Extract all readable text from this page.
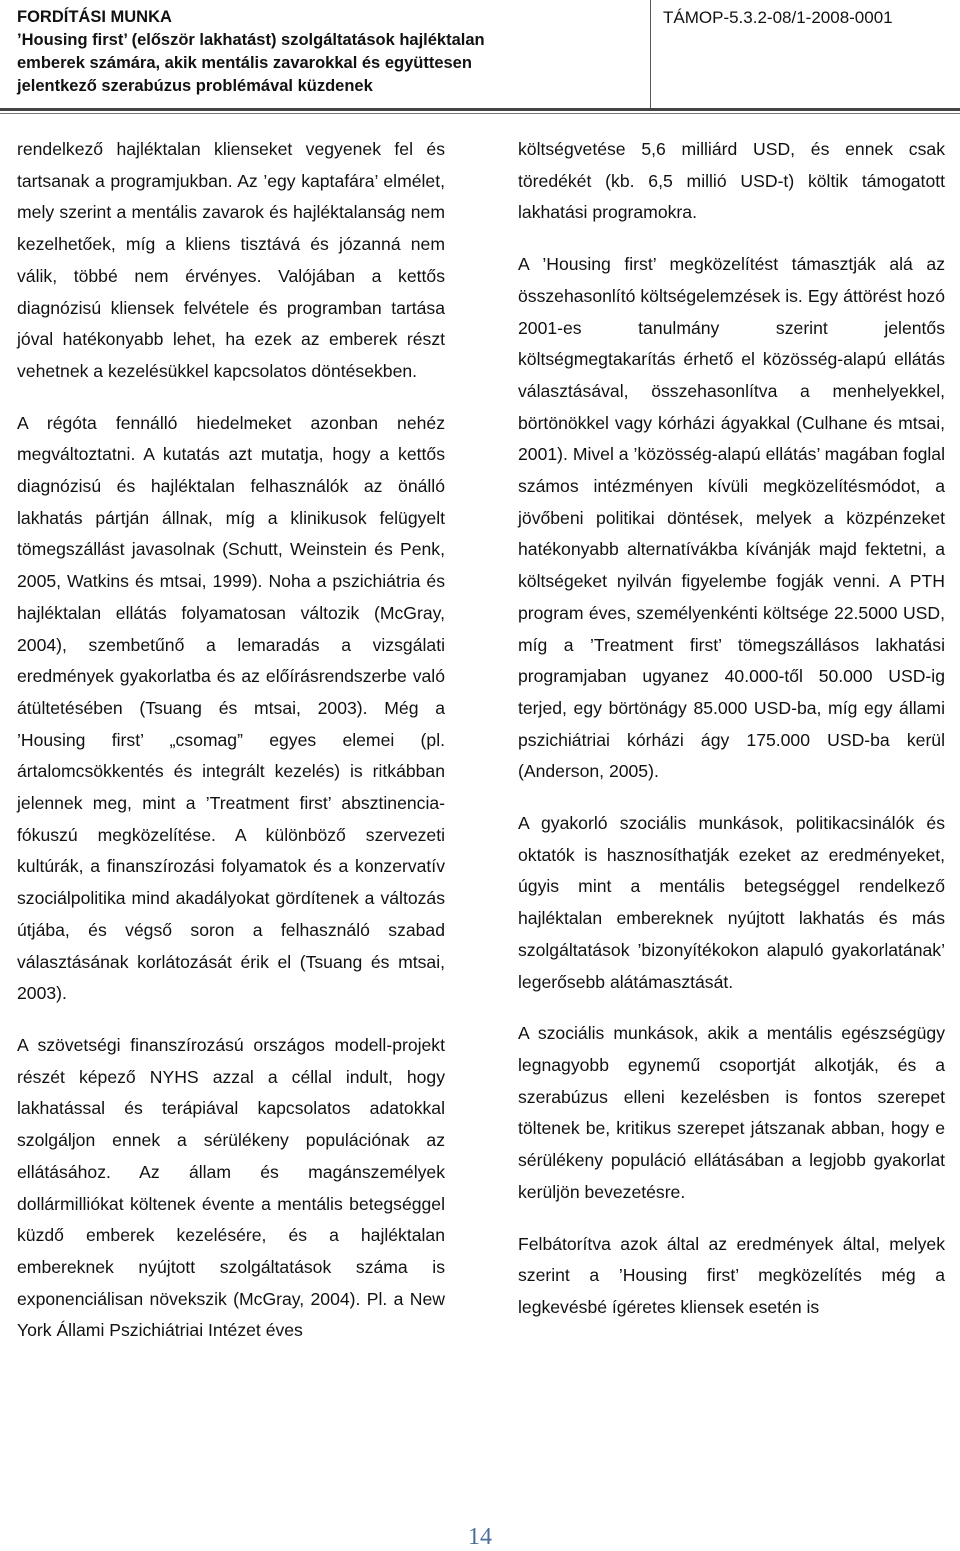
FORDÍTÁSI MUNKA
’Housing first’ (először lakhatást) szolgáltatások hajléktalan
emberek számára, akik mentális zavarokkal és együttesen
jelentkező szerabúzus problémával küzdenek
TÁMOP-5.3.2-08/1-2008-0001

rendelkező hajléktalan klienseket vegyenek fel és tartsanak a programjukban. Az ’egy kaptafára’ elmélet, mely szerint a mentális zavarok és hajléktalanság nem kezelhetőek, míg a kliens tisztává és józanná nem válik, többé nem érvényes. Valójában a kettős diagnózisú kliensek felvétele és programban tartása jóval hatékonyabb lehet, ha ezek az emberek részt vehetnek a kezelésükkel kapcsolatos döntésekben.

A régóta fennálló hiedelmeket azonban nehéz megváltoztatni. A kutatás azt mutatja, hogy a kettős diagnózisú és hajléktalan felhasználók az önálló lakhatás pártján állnak, míg a klinikusok felügyelt tömegszállást javasolnak (Schutt, Weinstein és Penk, 2005, Watkins és mtsai, 1999). Noha a pszichiátria és hajléktalan ellátás folyamatosan változik (McGray, 2004), szembetűnő a lemaradás a vizsgálati eredmények gyakorlatba és az előírásrendszerbe való átültetésében (Tsuang és mtsai, 2003). Még a ’Housing first’ „csomag” egyes elemei (pl. ártalomcsökkentés és integrált kezelés) is ritkábban jelennek meg, mint a ’Treatment first’ absztinencia-fókuszú megközelítése. A különböző szervezeti kultúrák, a finanszírozási folyamatok és a konzervatív szociálpolitika mind akadályokat gördítenek a változás útjába, és végső soron a felhasználó szabad választásának korlátozását érik el (Tsuang és mtsai, 2003).

A szövetségi finanszírozású országos modell-projekt részét képező NYHS azzal a céllal indult, hogy lakhatással és terápiával kapcsolatos adatokkal szolgáljon ennek a sérülékeny populációnak az ellátásához. Az állam és magánszemélyek dollármilliókat költenek évente a mentális betegséggel küzdő emberek kezelésére, és a hajléktalan embereknek nyújtott szolgáltatások száma is exponenciálisan növekszik (McGray, 2004). Pl. a New York Állami Pszichiátriai Intézet éves

költségvetése 5,6 milliárd USD, és ennek csak töredékét (kb. 6,5 millió USD-t) költik támogatott lakhatási programokra.

A ’Housing first’ megközelítést támasztják alá az összehasonlító költségelemzések is. Egy áttörést hozó 2001-es tanulmány szerint jelentős költségmegtakarítás érhető el közösség-alapú ellátás választásával, összehasonlítva a menhelyekkel, börtönökkel vagy kórházi ágyakkal (Culhane és mtsai, 2001). Mivel a ’közösség-alapú ellátás’ magában foglal számos intézményen kívüli megközelítésmódot, a jövőbeni politikai döntések, melyek a közpénzeket hatékonyabb alternatívákba kívánják majd fektetni, a költségeket nyilván figyelembe fogják venni. A PTH program éves, személyenkénti költsége 22.5000 USD, míg a ’Treatment first’ tömegszállásos lakhatási programjaban ugyanez 40.000-től 50.000 USD-ig terjed, egy börtönágy 85.000 USD-ba, míg egy állami pszichiátriai kórházi ágy 175.000 USD-ba kerül (Anderson, 2005).

A gyakorló szociális munkások, politikacsinálók és oktatók is hasznosíthatják ezeket az eredményeket, úgyis mint a mentális betegséggel rendelkező hajléktalan embereknek nyújtott lakhatás és más szolgáltatások ’bizonyítékokon alapuló gyakorlatának’ legerősebb alátámasztását.

A szociális munkások, akik a mentális egészségügy legnagyobb egynemű csoportját alkotják, és a szerabúzus elleni kezelésben is fontos szerepet töltenek be, kritikus szerepet játszanak abban, hogy e sérülékeny populáció ellátásában a legjobb gyakorlat kerüljön bevezetésre.

Felbátorítva azok által az eredmények által, melyek szerint a ’Housing first’ megközelítés még a legkevésbé ígéretes kliensek esetén is

14
